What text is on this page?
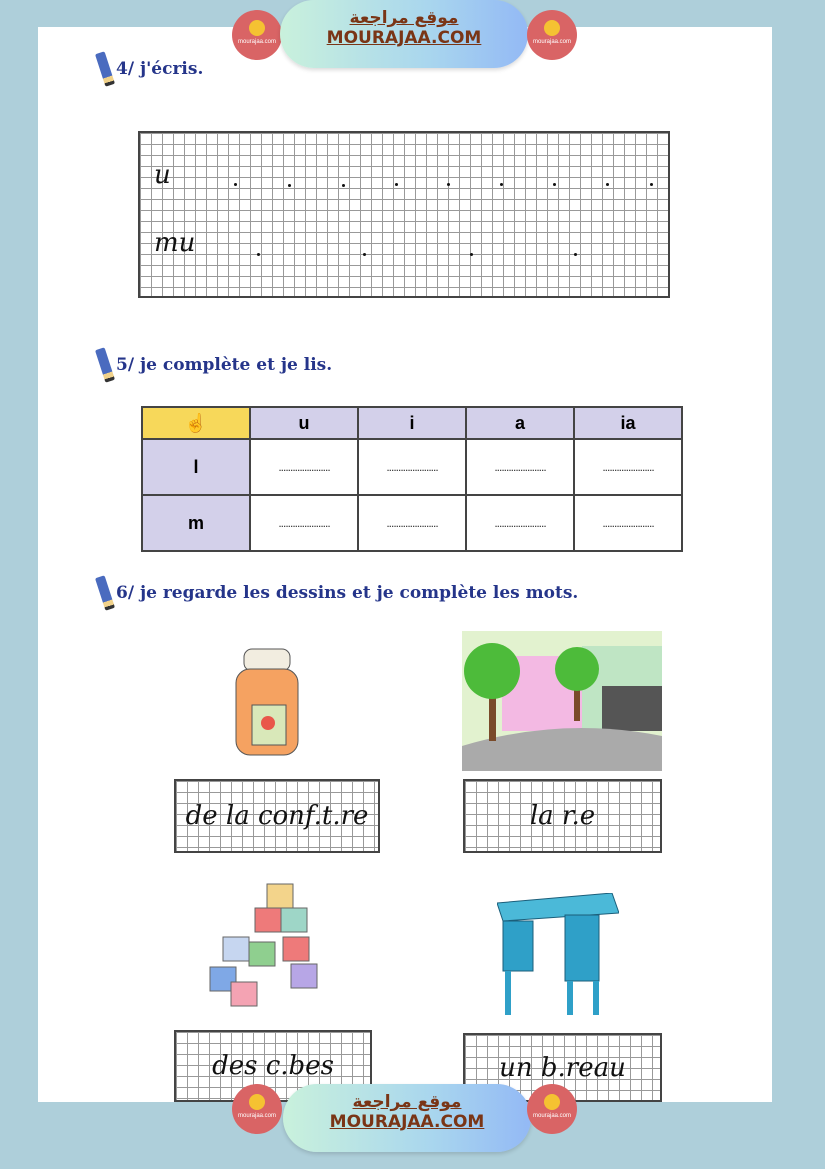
mourajaa.com
موقع مراجعة
MOURAJAA.COM	mourajaa.com
4/ j'écris.
u
mu
5/ je complète et je lis.
☝	u	i	a	ia
l	......................	......................	......................	......................
m	......................	......................	......................	......................
6/ je regarde les dessins et je complète les mots.
de la conf.t.re	la r.e
des c.bes	un b.reau
mourajaa.com
موقع مراجعة
MOURAJAA.COM	mourajaa.com
